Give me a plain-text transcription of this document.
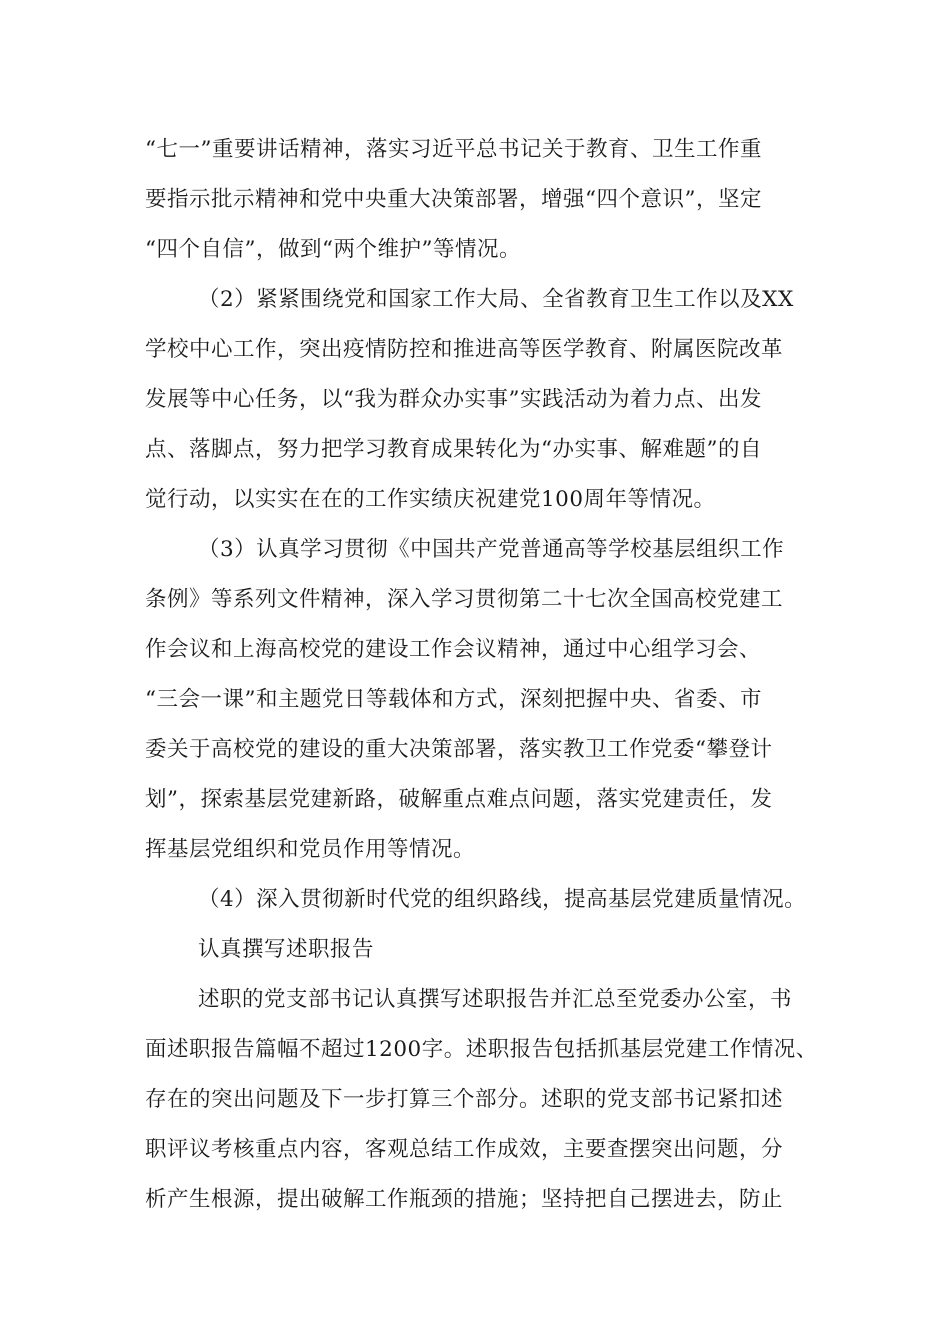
“七一”重要讲话精神，落实习近平总书记关于教育、卫生工作重
要指示批示精神和党中央重大决策部署，增强“四个意识”，坚定
“四个自信”，做到“两个维护”等情况。
（2）紧紧围绕党和国家工作大局、全省教育卫生工作以及XX
学校中心工作，突出疫情防控和推进高等医学教育、附属医院改革
发展等中心任务，以“我为群众办实事”实践活动为着力点、出发
点、落脚点，努力把学习教育成果转化为“办实事、解难题”的自
觉行动，以实实在在的工作实绩庆祝建党100周年等情况。
（3）认真学习贯彻《中国共产党普通高等学校基层组织工作
条例》等系列文件精神，深入学习贯彻第二十七次全国高校党建工
作会议和上海高校党的建设工作会议精神，通过中心组学习会、
“三会一课”和主题党日等载体和方式，深刻把握中央、省委、市
委关于高校党的建设的重大决策部署，落实教卫工作党委“攀登计
划”，探索基层党建新路，破解重点难点问题，落实党建责任，发
挥基层党组织和党员作用等情况。
（4）深入贯彻新时代党的组织路线，提高基层党建质量情况。
认真撰写述职报告
述职的党支部书记认真撰写述职报告并汇总至党委办公室，书
面述职报告篇幅不超过1200字。述职报告包括抓基层党建工作情况、
存在的突出问题及下一步打算三个部分。述职的党支部书记紧扣述
职评议考核重点内容，客观总结工作成效，主要查摆突出问题，分
析产生根源，提出破解工作瓶颈的措施；坚持把自己摆进去，防止
